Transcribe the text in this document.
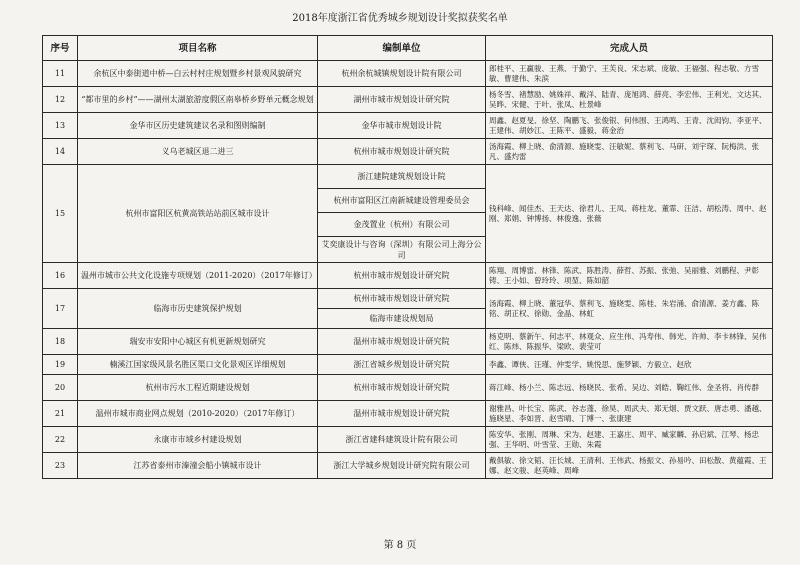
2018年度浙江省优秀城乡规划设计奖拟获奖名单
序号	项目名称	编制单位	完成人员
11	余杭区中泰街道中桥—白云村村庄规划暨乡村景观风貌研究	杭州余杭城镇规划设计院有限公司	郎桂平、王赢骏、王燕、于勤宁、王芙良、宋志斌、庞敏、王福强、程志敬、方雪敏、曹建伟、朱滨
12	“都市里的乡村”——湖州太湖旅游度假区南皋桥乡野单元概念规划	湖州市城市规划设计研究院	杨冬雪、褚慧励、姚姝祥、戴洋、陆青、庞旭鸿、薛亮、李宏伟、王利光、文达其、吴晔、宋健、于叶、张凤、杜景峰
13	金华市区历史建筑建议名录和图则编制	金华市城市规划设计院	周鑫、赵夏旻、徐坚、陶鹏飞、张俊银、何伟围、王鸿鸣、王青、沈闳钧、李亚平、王建伟、胡妙江、王陈平、盛毅、蒋金治
14	义乌老城区退二进三	杭州市城市规划设计研究院	汤海霞、柳上晓、俞清源、施晓雯、汪敏妮、蔡利飞、马研、刘宇琛、阮梅洪、张凡、盛灼雷
15	杭州市富阳区杭黄高铁站站前区城市设计	浙江建院建筑规划设计院	钱科峰、闻佳杰、王天达、徐君儿、王凤、蒋柱龙、董霏、汪洁、胡松涛、周中、赵刚、郑娟、钟博扬、林俊逸、张薇
		杭州市富阳区江南新城建设管理委员会	
		金茂置业（杭州）有限公司	
		艾奕康设计与咨询（深圳）有限公司上海分公司	
16	温州市城市公共文化设施专项规划（2011-2020）（2017年修订）	杭州市城市规划设计研究院	陈翔、周博雷、林锋、陈武、陈胜涛、薛哲、苏振、张弛、吴丽雅、刘鹏程、尹彰铸、王小如、曾玲玲、项堃、陈如韶
17	临海市历史建筑保护规划	杭州市城市规划设计研究院	汤海霞、柳上晓、董冠华、蔡利飞、施晓雯、陈桂、朱岩涌、俞清源、姜方鑫、陈铭、胡正权、徐勋、金晶、林虹
		临海市建设规划局	
18	瑞安市安阳中心城区有机更新规划研究	温州市城市规划设计研究院	杨克明、蔡新午、何志平、林观众、应生伟、冯寿伟、韩光、许帅、李卡林锋、吴伟红、陈炜、陈振华、梁欧、裴莹可
19	楠溪江国家级风景名胜区渠口文化景观区详细规划	浙江省城乡规划设计研究院	李鑫、谭俠、汪瑾、仲雯学、姚悦思、施梦颖、方毅立、赵欣
20	杭州市污水工程近期建设规划	杭州市城市规划设计研究院	蒋江峰、杨小兰、陈志远、杨晓民、张希、吴边、刘皓、鞠红伟、金圣将、肖传群
21	温州市城市商业网点规划（2010-2020）（2017年修订）	温州市城市规划设计研究院	谢雅昌、叶长宝、陈武、谷志蓬、徐昊、周武夫、郑无烟、贾文跃、唐志勇、潘越、施晓星、李如晋、赵雪晴、丁博一、张康建
22	永康市市域乡村建设规划	浙江省建科建筑设计院有限公司	陈安华、张刚、周琳、宋为、赵建、王嘉庄、周平、臧家麟、孙启斌、江琴、杨忠强、王华明、叶雪莹、王勋、朱霞
23	江苏省泰州市溱潼会船小镇城市设计	浙江大学城乡规划设计研究院有限公司	戴俱敏、徐文韬、汪长城、王清利、王伟武、杨振文、孙易吟、田松散、黄蕴霞、王娜、赵文骏、赵英峰、周峰
第 8 页
